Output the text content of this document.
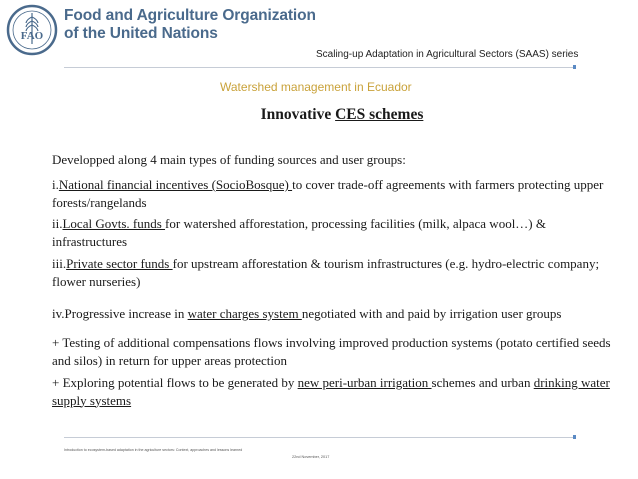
FAO
Food and Agriculture Organization
of the United Nations
Scaling-up Adaptation in Agricultural Sectors (SAAS) series
Watershed management in Ecuador
Innovative CES schemes
Developped along 4 main types of funding sources and user groups:
i.National financial incentives (SocioBosque) to cover trade-off agreements with farmers protecting upper forests/rangelands
ii.Local Govts. funds for watershed afforestation, processing facilities (milk, alpaca wool…) & infrastructures
iii.Private sector funds for upstream afforestation & tourism infrastructures (e.g. hydro-electric company; flower nurseries)
iv.Progressive increase in water charges system negotiated with and paid by irrigation user groups
+ Testing of additional compensations flows involving improved production systems (potato certified seeds and silos) in return for upper areas protection
+ Exploring potential flows to be generated by new peri-urban irrigation schemes and urban drinking water supply systems
Introduction to ecosystem-based adaptation in the agriculture sectors: Context, approaches and lessons learned
22nd November, 2017
